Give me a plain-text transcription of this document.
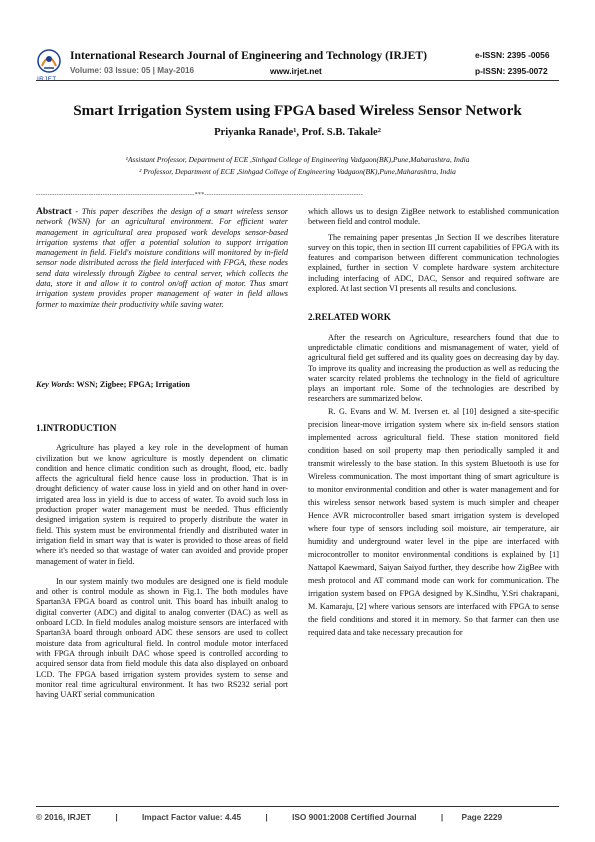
IRJET
International Research Journal of Engineering and Technology (IRJET)
Volume: 03 Issue: 05 | May-2016	www.irjet.net
e-ISSN: 2395 -0056
p-ISSN: 2395-0072
Smart Irrigation System using FPGA based Wireless Sensor Network
Priyanka Ranade¹, Prof. S.B. Takale²
¹Assistant Professor, Department of ECE ,Sinhgad College of Engineering Vadgaon(BK),Pune,Maharashtra, India
² Professor, Department of ECE ,Sinhgad College of Engineering Vadgaon(BK),Pune,Maharashtra, India
---------------------------------------------------------------------***---------------------------------------------------------------------

Abstract - This paper describes the design of a smart wireless sensor network (WSN) for an agricultural environment. For efficient water management in agricultural area proposed work develops sensor-based irrigation systems that offer a potential solution to support irrigation management in field. Field's moisture conditions will monitored by in-field sensor node distributed across the field interfaced with FPGA, these nodes send data wirelessly through Zigbee to central server, which collects the data, store it and allow it to control on/off action of motor. Thus smart irrigation system provides proper management of water in field allows former to maximize their productivity while saving water.

Key Words: WSN; Zigbee; FPGA; Irrigation
1.INTRODUCTION

Agriculture has played a key role in the development of human civilization but we know agriculture is mostly dependent on climatic condition and hence climatic condition such as drought, flood, etc. badly affects the agricultural field hence cause loss in production. That is in drought deficiency of water cause loss in yield and on other hand in over-irrigated area loss in yield is due to access of water. To avoid such loss in production proper water management must be needed. Thus efficiently designed irrigation system is required to properly distribute the water in field. This system must be environmental friendly and distributed water in irrigation field in smart way that is water is provided to those areas of field where it's needed so that wastage of water can avoided and provide proper management of water in field.

In our system mainly two modules are designed one is field module and other is control module as shown in Fig.1. The both modules have Spartan3A FPGA board as control unit. This board has inbuilt analog to digital converter (ADC) and digital to analog converter (DAC) as well as onboard LCD. In field modules analog moisture sensors are interfaced with Spartan3A board through onboard ADC these sensors are used to collect moisture data from agricultural field. In control module motor interfaced with FPGA through inbuilt DAC whose speed is controlled according to acquired sensor data from field module this data also displayed on onboard LCD. The FPGA based irrigation system provides system to sense and monitor real time agricultural environment. It has two RS232 serial port having UART serial communication

which allows us to design ZigBee network to established communication between field and control module.

The remaining paper presentas ,In Section II we describes literature survey on this topic, then in section III current capabilities of FPGA with its features and comparison between different communication technologies explained, further in section V complete hardware system architecture including interfacing of ADC, DAC, Sensor and required software are explored. At last section VI presents all results and conclusions.

2.RELATED WORK

After the research on Agriculture, researchers found that due to unpredictable climatic conditions and mismanagement of water, yield of agricultural field get suffered and its quality goes on decreasing day by day. To improve its quality and increasing the production as well as reducing the water scarcity related problems the technology in the field of agriculture plays an important role. Some of the technologies are described by researchers are summarized below.

R. G. Evans and W. M. Iversen et. al [10] designed a site-specific precision linear-move irrigation system where six in-field sensors station implemented across agricultural field. These station monitored field condition based on soil property map then periodically sampled it and transmit wirelessly to the base station. In this system Bluetooth is use for Wireless communication. The most important thing of smart agriculture is to monitor environmental condition and other is water management and for this wireless sensor network based system is much simpler and cheaper Hence AVR microcontroller based smart irrigation system is developed where four type of sensors including soil moisture, air temperature, air humidity and underground water level in the pipe are interfaced with microcontroller to monitor environmental conditions is explained by [1] Nattapol Kaewmard, Saiyan Saiyod further, they describe how ZigBee with mesh protocol and AT command mode can work for communication. The irrigation system based on FPGA designed by K.Sindhu, Y.Sri chakrapani, M. Kamaraju, [2] where various sensors are interfaced with FPGA to sense the field conditions and stored it in memory. So that farmer can then use required data and take necessary precaution for

© 2016, IRJET	|	Impact Factor value: 4.45	|	ISO 9001:2008 Certified Journal	| Page 2229
